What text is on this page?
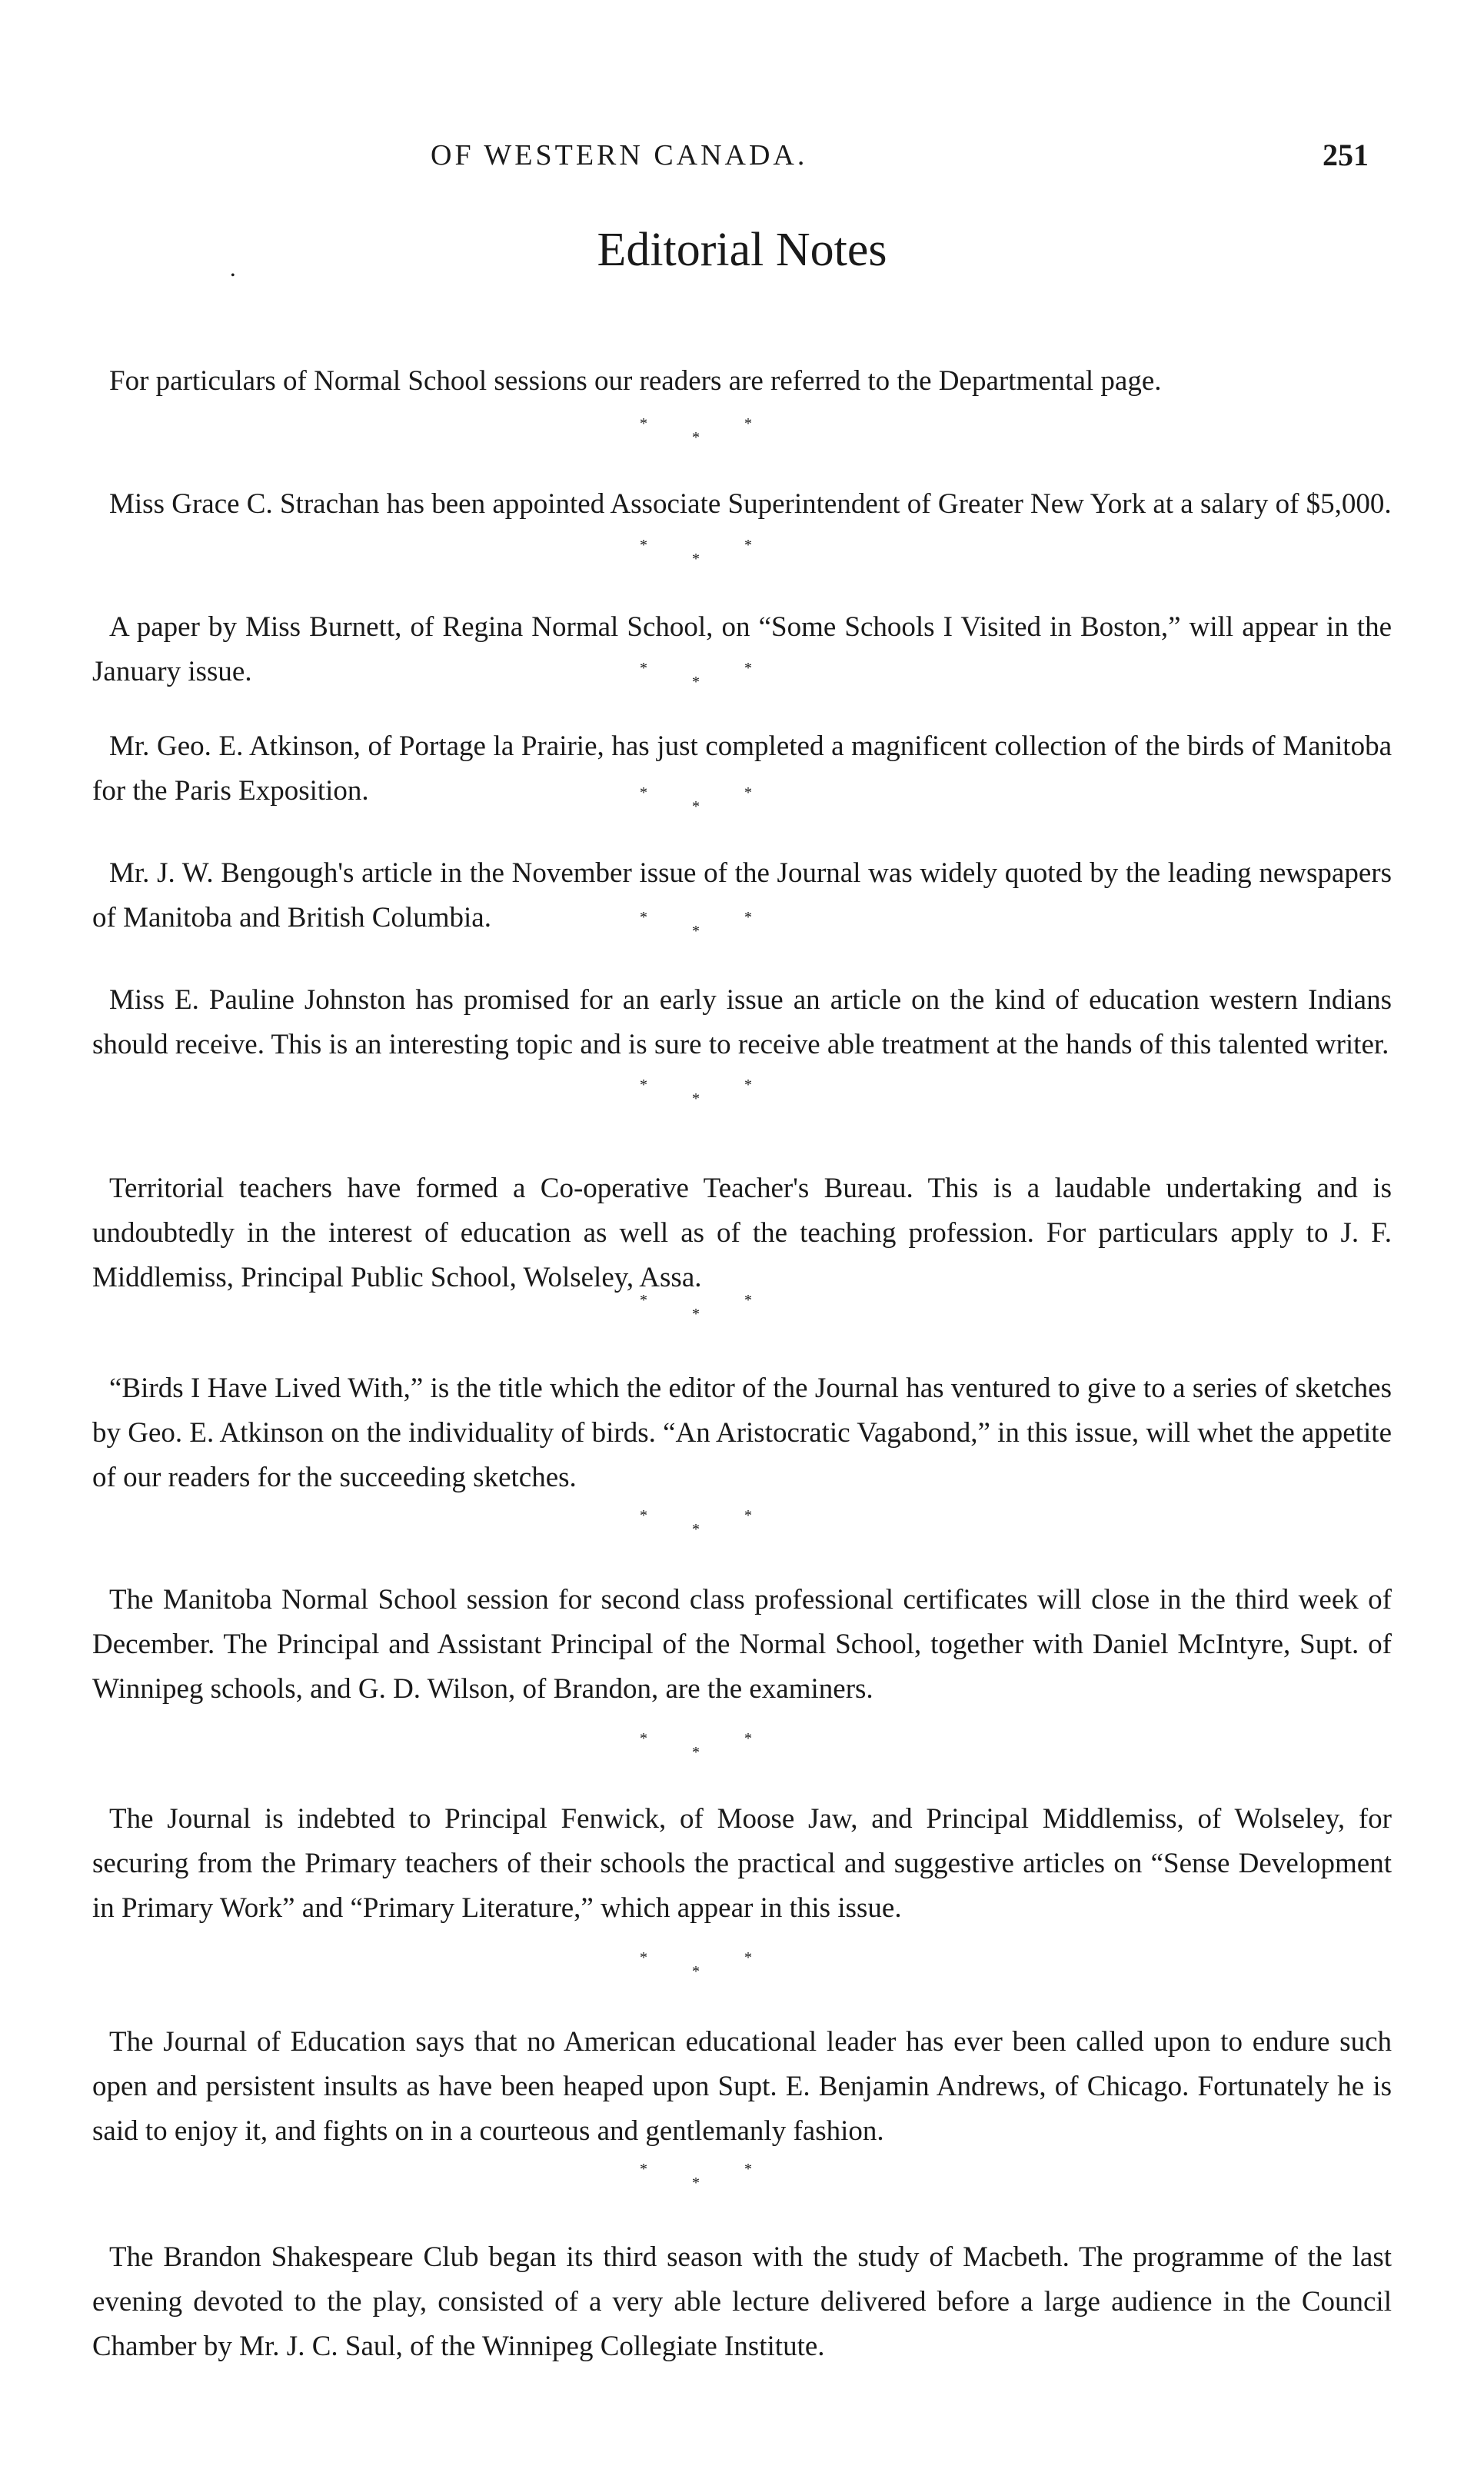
OF WESTERN CANADA.	251
•	Editorial Notes

For particulars of Normal School sessions our readers are referred to the Departmental page.

*
*
*

Miss Grace C. Strachan has been appointed Associate Superintendent of Greater New York at a salary of $5,000.

*
*
*

A paper by Miss Burnett, of Regina Normal School, on “Some Schools I Visited in Boston,” will appear in the January issue.	*
*
*

Mr. Geo. E. Atkinson, of Portage la Prairie, has just completed a magnificent collection of the birds of Manitoba for the Paris Exposition.	*
*
*

Mr. J. W. Bengough's article in the November issue of the Journal was widely quoted by the leading newspapers of Manitoba and British Columbia.	*
*
*

Miss E. Pauline Johnston has promised for an early issue an article on the kind of education western Indians should receive. This is an interesting topic and is sure to receive able treatment at the hands of this talented writer.

*
*
*

Territorial teachers have formed a Co-operative Teacher's Bureau. This is a laudable undertaking and is undoubtedly in the interest of education as well as of the teaching profession. For particulars apply to J. F. Middlemiss, Principal Public School, Wolseley, Assa.

*
*
*

“Birds I Have Lived With,” is the title which the editor of the Journal has ventured to give to a series of sketches by Geo. E. Atkinson on the individuality of birds. “An Aristocratic Vagabond,” in this issue, will whet the appetite of our readers for the succeeding sketches.

*
*
*

The Manitoba Normal School session for second class professional certificates will close in the third week of December. The Principal and Assistant Principal of the Normal School, together with Daniel McIntyre, Supt. of Winnipeg schools, and G. D. Wilson, of Brandon, are the examiners.

*
*
*

The Journal is indebted to Principal Fenwick, of Moose Jaw, and Principal Middlemiss, of Wolseley, for securing from the Primary teachers of their schools the practical and suggestive articles on “Sense Development in Primary Work” and “Primary Literature,” which appear in this issue.

*
*
*

The Journal of Education says that no American educational leader has ever been called upon to endure such open and persistent insults as have been heaped upon Supt. E. Benjamin Andrews, of Chicago. Fortunately he is said to enjoy it, and fights on in a courteous and gentlemanly fashion.

*
*
*

The Brandon Shakespeare Club began its third season with the study of Macbeth. The programme of the last evening devoted to the play, consisted of a very able lecture delivered before a large audience in the Council Chamber by Mr. J. C. Saul, of the Winnipeg Collegiate Institute.
